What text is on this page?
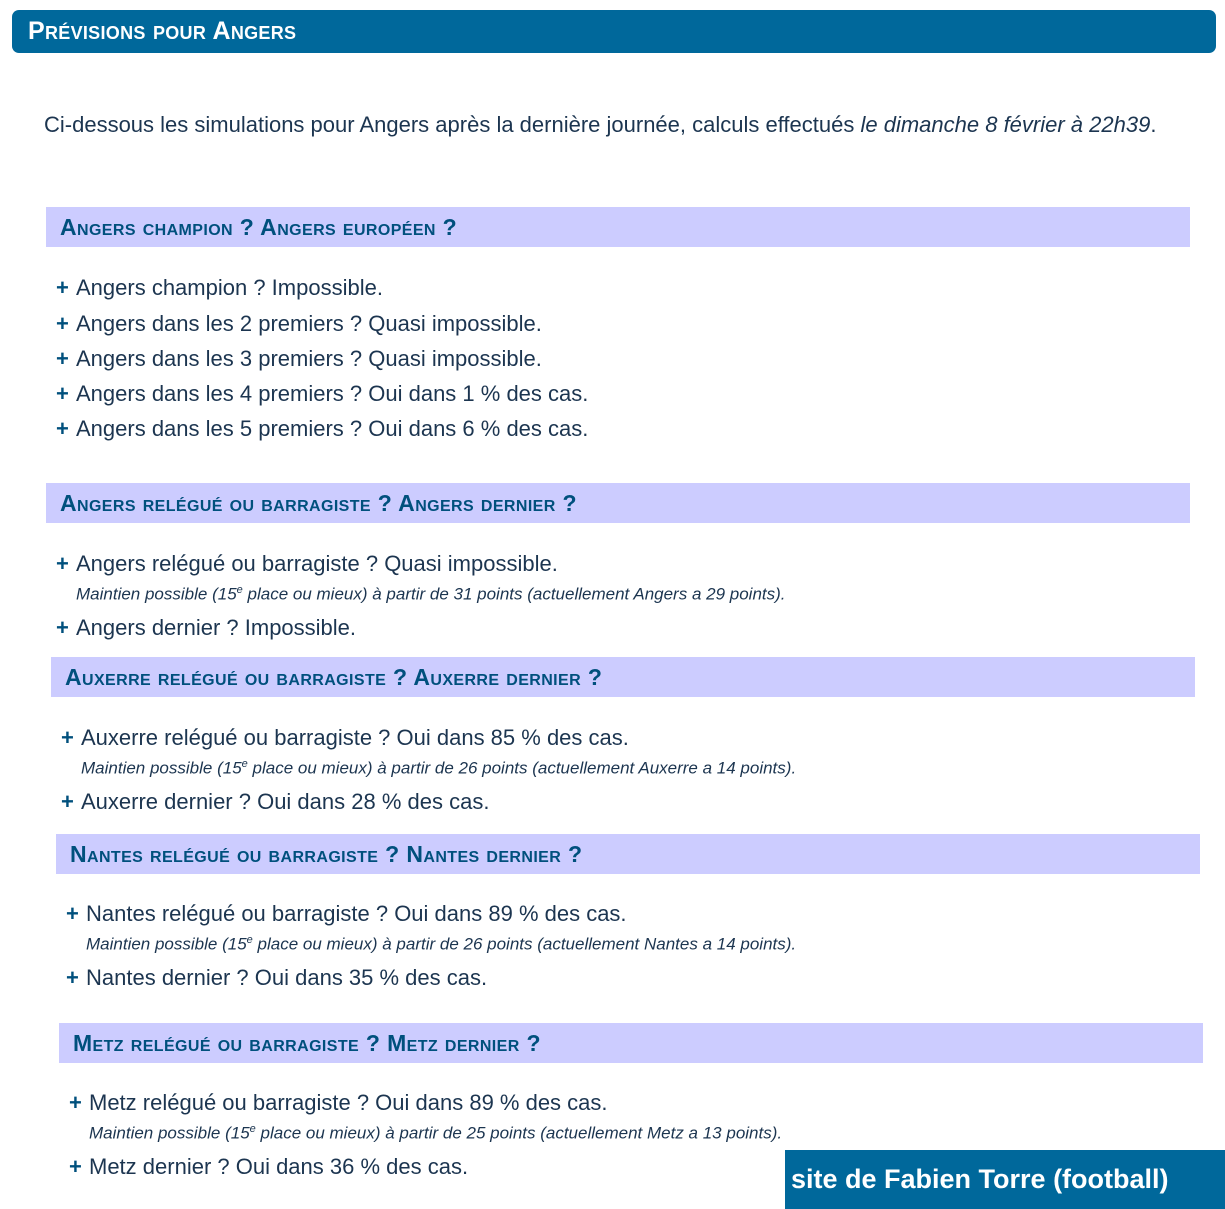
Prévisions pour Angers

Ci-dessous les simulations pour Angers après la dernière journée, calculs effectués le dimanche 8 février à 22h39.

Angers champion ? Angers européen ?
+ Angers champion ? Impossible.
+ Angers dans les 2 premiers ? Quasi impossible.
+ Angers dans les 3 premiers ? Quasi impossible.
+ Angers dans les 4 premiers ? Oui dans 1 % des cas.
+ Angers dans les 5 premiers ? Oui dans 6 % des cas.
Angers relégué ou barragiste ? Angers dernier ?
+ Angers relégué ou barragiste ? Quasi impossible.
Maintien possible (15e place ou mieux) à partir de 31 points (actuellement Angers a 29 points).
+ Angers dernier ? Impossible.
Auxerre relégué ou barragiste ? Auxerre dernier ?
+ Auxerre relégué ou barragiste ? Oui dans 85 % des cas.
Maintien possible (15e place ou mieux) à partir de 26 points (actuellement Auxerre a 14 points).
+ Auxerre dernier ? Oui dans 28 % des cas.
Nantes relégué ou barragiste ? Nantes dernier ?
+ Nantes relégué ou barragiste ? Oui dans 89 % des cas.
Maintien possible (15e place ou mieux) à partir de 26 points (actuellement Nantes a 14 points).
+ Nantes dernier ? Oui dans 35 % des cas.
Metz relégué ou barragiste ? Metz dernier ?
+ Metz relégué ou barragiste ? Oui dans 89 % des cas.
Maintien possible (15e place ou mieux) à partir de 25 points (actuellement Metz a 13 points).
+ Metz dernier ? Oui dans 36 % des cas.	site de Fabien Torre (football)
